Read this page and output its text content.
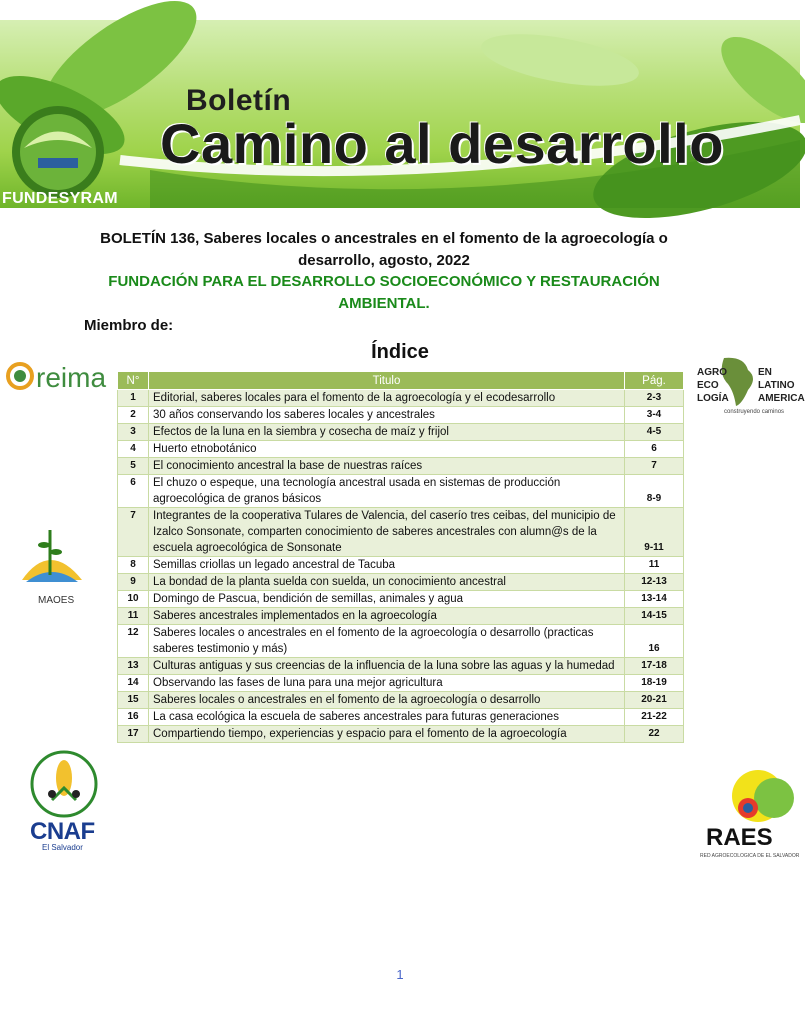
Boletín
Camino al desarrollo
FUNDESYRAM
BOLETÍN 136, Saberes locales o ancestrales en el fomento de la agroecología o desarrollo, agosto, 2022
FUNDACIÓN PARA EL DESARROLLO SOCIOECONÓMICO Y RESTAURACIÓN AMBIENTAL.
Miembro de:
Índice
N°	Titulo	Pág.
1	Editorial, saberes locales para el fomento de la agroecología y el ecodesarrollo	2-3
2	30 años conservando los saberes locales y ancestrales	3-4
3	Efectos de la luna en la siembra y cosecha de maíz y frijol	4-5
4	Huerto etnobotánico	6
5	El conocimiento ancestral la base de nuestras raíces	7
6	El chuzo o espeque, una tecnología ancestral usada en sistemas de producción agroecológica de granos básicos	8-9
7	Integrantes de la cooperativa Tulares de Valencia, del caserío tres ceibas, del municipio de Izalco Sonsonate, comparten conocimiento de saberes ancestrales con alumn@s de la escuela agroecológica de Sonsonate	9-11
8	Semillas criollas un legado ancestral de Tacuba	11
9	La bondad de la planta suelda con suelda, un conocimiento ancestral	12-13
10	Domingo de Pascua, bendición de semillas, animales y agua	13-14
11	Saberes ancestrales implementados en la agroecología	14-15
12	Saberes locales o ancestrales en el fomento de la agroecología o desarrollo (practicas saberes testimonio y más)	16
13	Culturas antiguas y sus creencias de la influencia de la luna sobre las aguas y la humedad	17-18
14	Observando las fases de luna para una mejor agricultura	18-19
15	Saberes locales o ancestrales en el fomento de la agroecología o desarrollo	20-21
16	La casa ecológica la escuela de saberes ancestrales para futuras generaciones	21-22
17	Compartiendo tiempo, experiencias y espacio para el fomento de la agroecología	22
reima
MAOES
AGRO
ECO
LOGÍA
EN
LATINO
AMERICA
construyendo caminos
CNAF
El Salvador	RAES
RED AGROECOLOGICA DE EL SALVADOR
1
